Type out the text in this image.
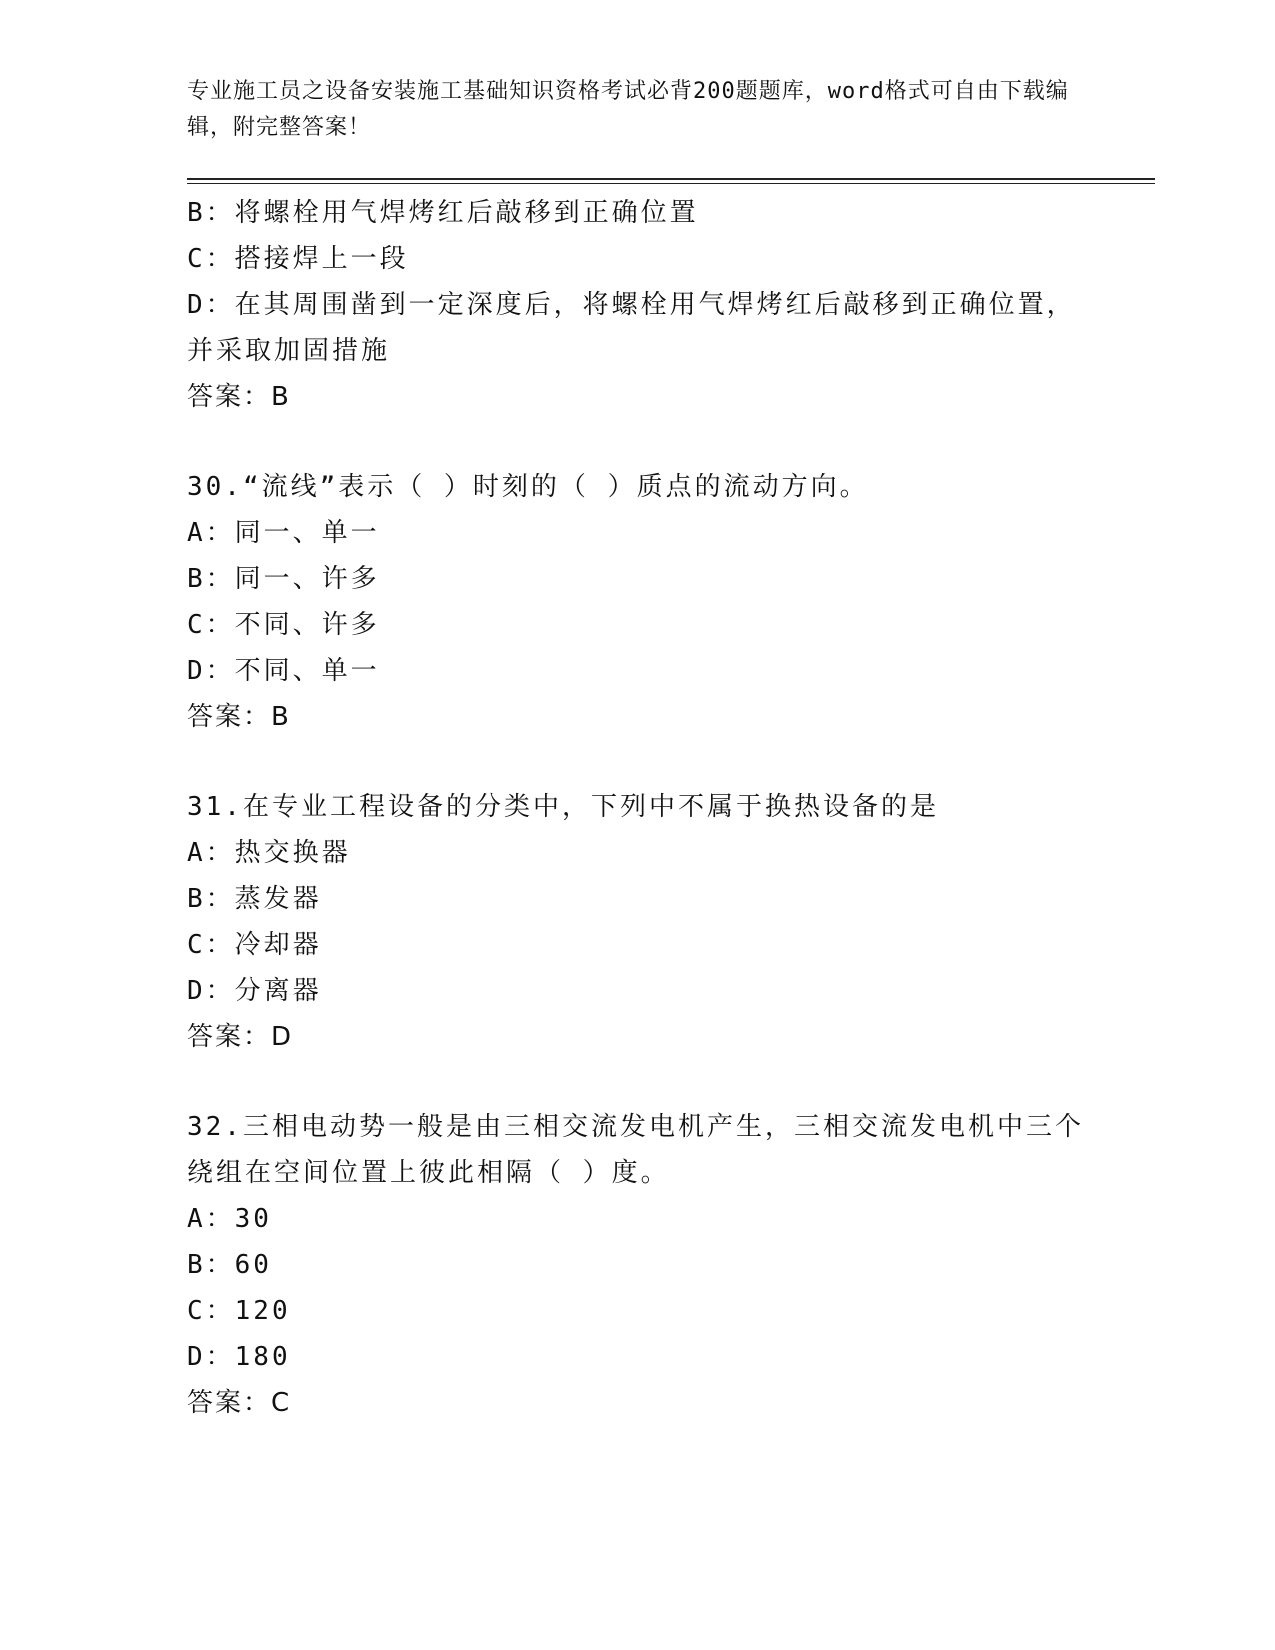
专业施工员之设备安装施工基础知识资格考试必背200题题库，word格式可自由下载编辑，附完整答案！
B：将螺栓用气焊烤红后敲移到正确位置
C：搭接焊上一段
D：在其周围凿到一定深度后，将螺栓用气焊烤红后敲移到正确位置，并采取加固措施
答案：B
30.“流线”表示（ ）时刻的（ ）质点的流动方向。
A：同一、单一
B：同一、许多
C：不同、许多
D：不同、单一
答案：B
31.在专业工程设备的分类中，下列中不属于换热设备的是
A：热交换器
B：蒸发器
C：冷却器
D：分离器
答案：D
32.三相电动势一般是由三相交流发电机产生，三相交流发电机中三个绕组在空间位置上彼此相隔（ ）度。
A：30
B：60
C：120
D：180
答案：C
